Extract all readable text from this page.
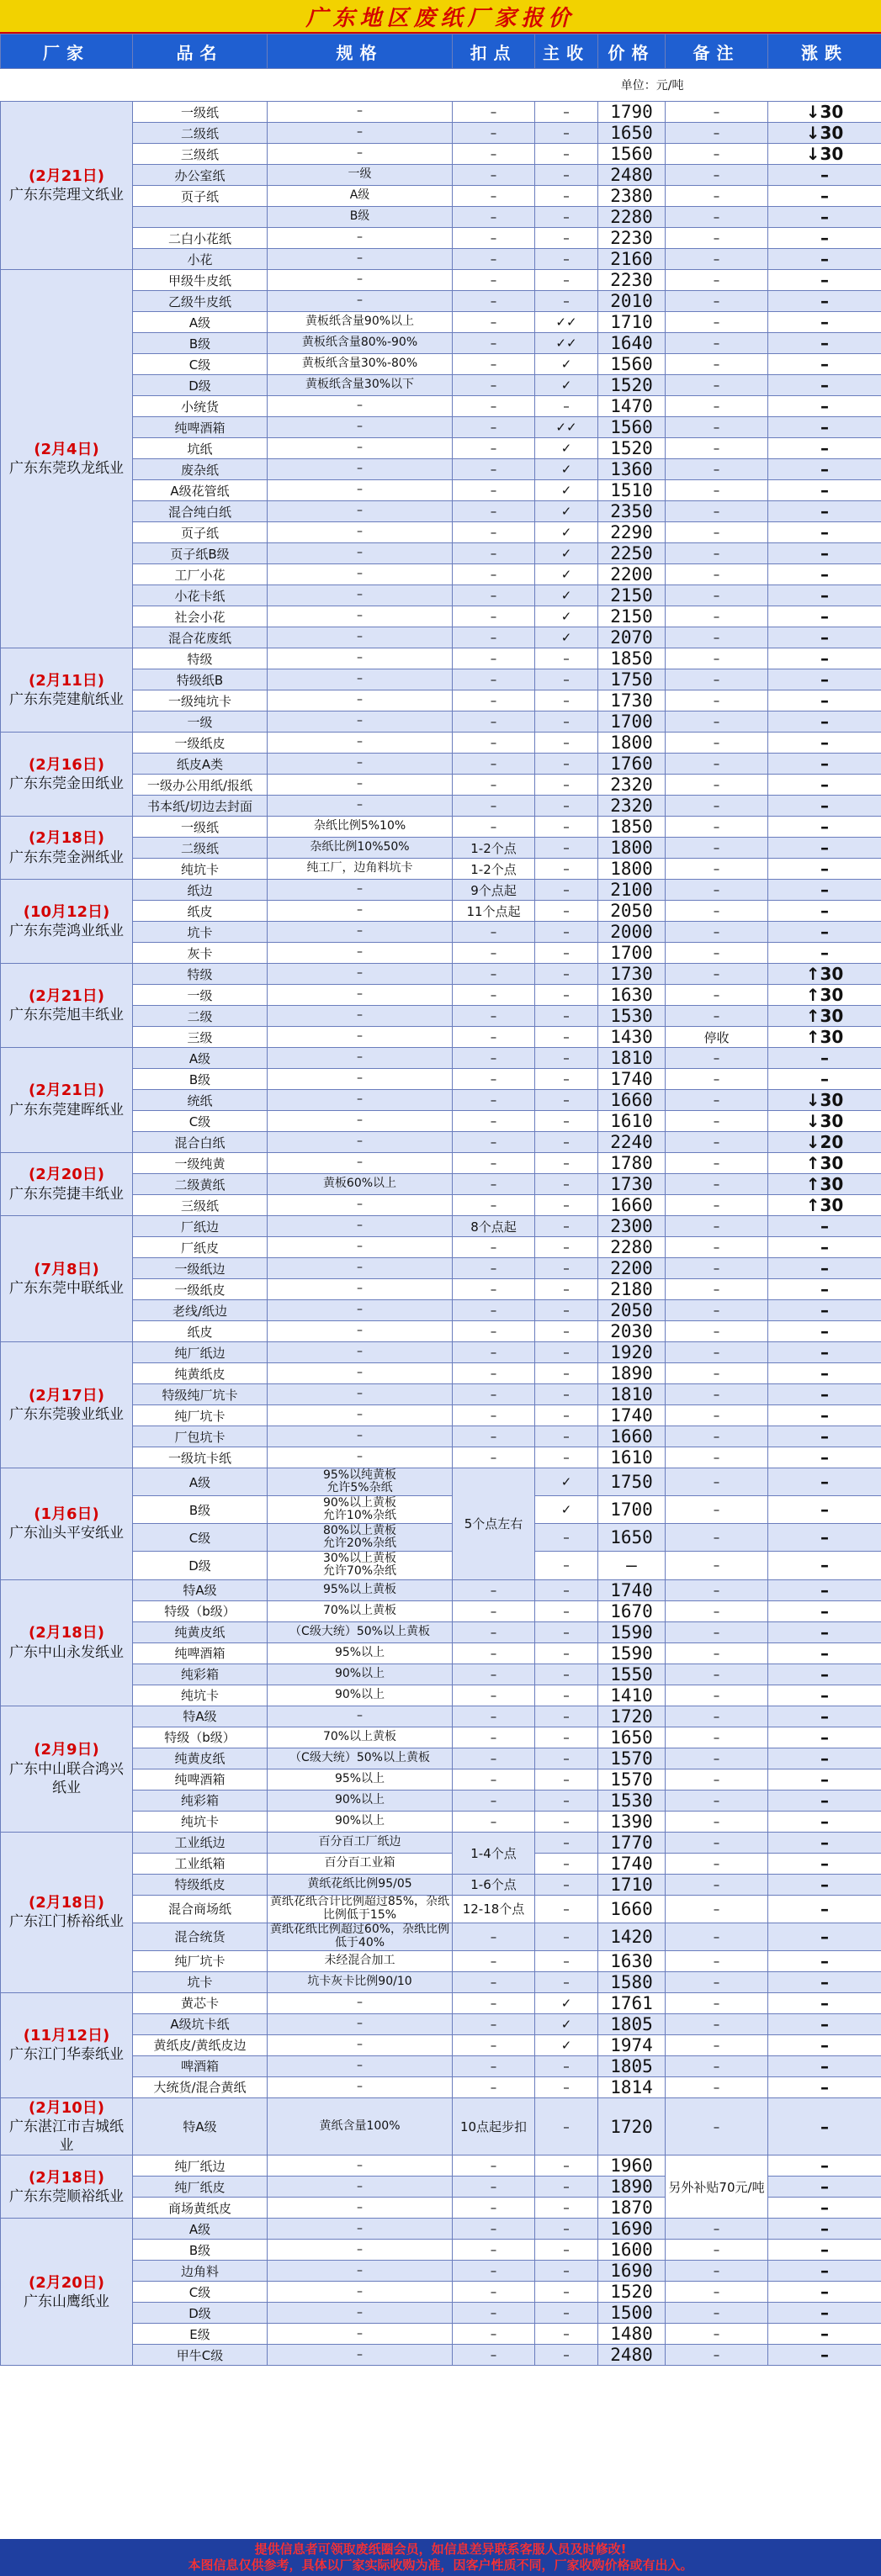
广东地区废纸厂家报价
厂家	品名	规格	扣点	主收	价格	备注	涨跌
单位：元/吨							

(2月21日)
广东东莞理文纸业	一级纸	–	–	–	1790	–	↓30
	二级纸	–	–	–	1650	–	↓30
	三级纸	–	–	–	1560	–	↓30
	办公室纸	一级	–	–	2480	–	–
	页子纸	A级	–	–	2380	–	–
		B级	–	–	2280	–	–
	二白小花纸	–	–	–	2230	–	–
	小花	–	–	–	2160	–	–

(2月4日)
广东东莞玖龙纸业	甲级牛皮纸	–	–	–	2230	–	–
	乙级牛皮纸	–	–	–	2010	–	–
	A级	黄板纸含量90%以上	–	✓✓	1710	–	–
	B级	黄板纸含量80%-90%	–	✓✓	1640	–	–
	C级	黄板纸含量30%-80%	–	✓	1560	–	–
	D级	黄板纸含量30%以下	–	✓	1520	–	–
	小统货	–	–	–	1470	–	–
	纯啤酒箱	–	–	✓✓	1560	–	–
	坑纸	–	–	✓	1520	–	–
	废杂纸	–	–	✓	1360	–	–
	A级花管纸	–	–	✓	1510	–	–
	混合纯白纸	–	–	✓	2350	–	–
	页子纸	–	–	✓	2290	–	–
	页子纸B级	–	–	✓	2250	–	–
	工厂小花	–	–	✓	2200	–	–
	小花卡纸	–	–	✓	2150	–	–
	社会小花	–	–	✓	2150	–	–
	混合花废纸	–	–	✓	2070	–	–

(2月11日)
广东东莞建航纸业	特级	–	–	–	1850	–	–
	特级纸B	–	–	–	1750	–	–
	一级纯坑卡	–	–	–	1730	–	–
	一级	–	–	–	1700	–	–

(2月16日)
广东东莞金田纸业	一级纸皮	–	–	–	1800	–	–
	纸皮A类	–	–	–	1760	–	–
	一级办公用纸/报纸	–	–	–	2320	–	–
	书本纸/切边去封面	–	–	–	2320	–	–

(2月18日)
广东东莞金洲纸业	一级纸	杂纸比例5%10%	–	–	1850	–	–
	二级纸	杂纸比例10%50%	1-2个点	–	1800	–	–
	纯坑卡	纯工厂，边角料坑卡	1-2个点	–	1800	–	–

(10月12日)
广东东莞鸿业纸业	纸边	–	9个点起	–	2100	–	–
	纸皮	–	11个点起	–	2050	–	–
	坑卡	–	–	–	2000	–	–
	灰卡	–	–	–	1700	–	–

(2月21日)
广东东莞旭丰纸业	特级	–	–	–	1730	–	↑30
	一级	–	–	–	1630	–	↑30
	二级	–	–	–	1530	–	↑30
	三级	–	–	–	1430	停收	↑30

(2月21日)
广东东莞建晖纸业	A级	–	–	–	1810	–	–
	B级	–	–	–	1740	–	–
	统纸	–	–	–	1660	–	↓30
	C级	–	–	–	1610	–	↓30
	混合白纸	–	–	–	2240	–	↓20

(2月20日)
广东东莞捷丰纸业	一级纯黄	–	–	–	1780	–	↑30
	二级黄纸	黄板60%以上	–	–	1730	–	↑30
	三级纸	–	–	–	1660	–	↑30

(7月8日)
广东东莞中联纸业	厂纸边	–	8个点起	–	2300	–	–
	厂纸皮	–	–	–	2280	–	–
	一级纸边	–	–	–	2200	–	–
	一级纸皮	–	–	–	2180	–	–
	老线/纸边	–	–	–	2050	–	–
	纸皮	–	–	–	2030	–	–

(2月17日)
广东东莞骏业纸业	纯厂纸边	–	–	–	1920	–	–
	纯黄纸皮	–	–	–	1890	–	–
	特级纯厂坑卡	–	–	–	1810	–	–
	纯厂坑卡	–	–	–	1740	–	–
	厂包坑卡	–	–	–	1660	–	–
	一级坑卡纸	–	–	–	1610	–	–

(1月6日)
广东汕头平安纸业	A级	95%以纯黄板
允许5%杂纸	5个点左右	✓	1750	–	–
	B级	90%以上黄板
允许10%杂纸		✓	1700	–	–
	C级	80%以上黄板
允许20%杂纸		–	1650	–	–
	D级	30%以上黄板
允许70%杂纸		–	–	–	–

(2月18日)
广东中山永发纸业	特A级	95%以上黄板	–	–	1740	–	–
	特级（b级）	70%以上黄板	–	–	1670	–	–
	纯黄皮纸	（C级大统）50%以上黄板	–	–	1590	–	–
	纯啤酒箱	95%以上	–	–	1590	–	–
	纯彩箱	90%以上	–	–	1550	–	–
	纯坑卡	90%以上	–	–	1410	–	–

(2月9日)
广东中山联合鸿兴纸业	特A级	–	–	–	1720	–	–
	特级（b级）	70%以上黄板	–	–	1650	–	–
	纯黄皮纸	（C级大统）50%以上黄板	–	–	1570	–	–
	纯啤酒箱	95%以上	–	–	1570	–	–
	纯彩箱	90%以上	–	–	1530	–	–
	纯坑卡	90%以上	–	–	1390	–	–

(2月18日)
广东江门桥裕纸业	工业纸边	百分百工厂纸边	1-4个点	–	1770	–	–
	工业纸箱	百分百工业箱		–	1740	–	–
	特级纸皮	黄纸花纸比例95/05	1-6个点	–	1710	–	–
	混合商场纸	黄纸花纸合计比例超过85%，杂纸比例低于15%	12-18个点	–	1660	–	–
	混合统货	黄纸花纸比例超过60%，杂纸比例低于40%	–	–	1420	–	–
	纯厂坑卡	未经混合加工	–	–	1630	–	–
	坑卡	坑卡灰卡比例90/10	–	–	1580	–	–

(11月12日)
广东江门华泰纸业	黄芯卡	–	–	✓	1761	–	–
	A级坑卡纸	–	–	✓	1805	–	–
	黄纸皮/黄纸皮边	–	–	✓	1974	–	–
	啤酒箱	–	–	–	1805	–	–
	大统货/混合黄纸	–	–	–	1814	–	–

(2月10日)
广东湛江市吉城纸业	特A级	黄纸含量100%	10点起步扣	–	1720	–	–

(2月18日)
广东东莞顺裕纸业	纯厂纸边	–	–	–	1960	另外补贴70元/吨	–
	纯厂纸皮	–	–	–	1890		–
	商场黄纸皮	–	–	–	1870		–

(2月20日)
广东山鹰纸业	A级	–	–	–	1690	–	–
	B级	–	–	–	1600	–	–
	边角料	–	–	–	1690	–	–
	C级	–	–	–	1520	–	–
	D级	–	–	–	1500	–	–
	E级	–	–	–	1480	–	–
	甲牛C级	–	–	–	2480	–	–
提供信息者可领取废纸圈会员，如信息差异联系客服人员及时修改!
本图信息仅供参考，具体以厂家实际收购为准，因客户性质不同，厂家收购价格或有出入。
